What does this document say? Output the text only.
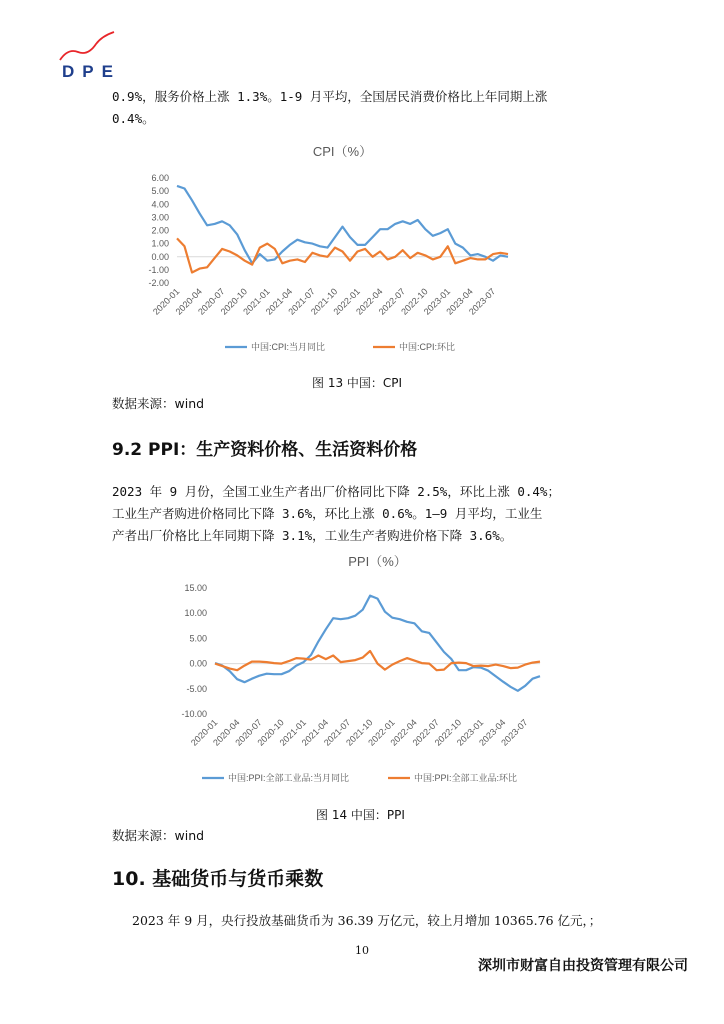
DPE
0.9%，服务价格上涨 1.3%。1-9 月平均，全国居民消费价格比上年同期上涨
0.4%。
CPI（%）
6.00
5.00
4.00
3.00
2.00
1.00
0.00
-1.00
-2.00
2020-01
2020-04
2020-07
2020-10
2021-01
2021-04
2021-07
2021-10
2022-01
2022-04
2022-07
2022-10
2023-01
2023-04
2023-07
中国:CPI:当月同比	中国:CPI:环比
图 13 中国：CPI
数据来源：wind
9.2 PPI：生产资料价格、生活资料价格
2023 年 9 月份，全国工业生产者出厂价格同比下降 2.5%，环比上涨 0.4%；
工业生产者购进价格同比下降 3.6%，环比上涨 0.6%。1—9 月平均，工业生
产者出厂价格比上年同期下降 3.1%，工业生产者购进价格下降 3.6%。
PPI（%）
15.00
10.00
5.00
0.00
-5.00
-10.00
2020-01
2020-04
2020-07
2020-10
2021-01
2021-04
2021-07
2021-10
2022-01
2022-04
2022-07
2022-10
2023-01
2023-04
2023-07
中国:PPI:全部工业品:当月同比	中国:PPI:全部工业品:环比
图 14 中国：PPI
数据来源：wind
10. 基础货币与货币乘数
2023 年 9 月，央行投放基础货币为 36.39 万亿元，较上月增加 10365.76 亿元，；
10
深圳市财富自由投资管理有限公司
